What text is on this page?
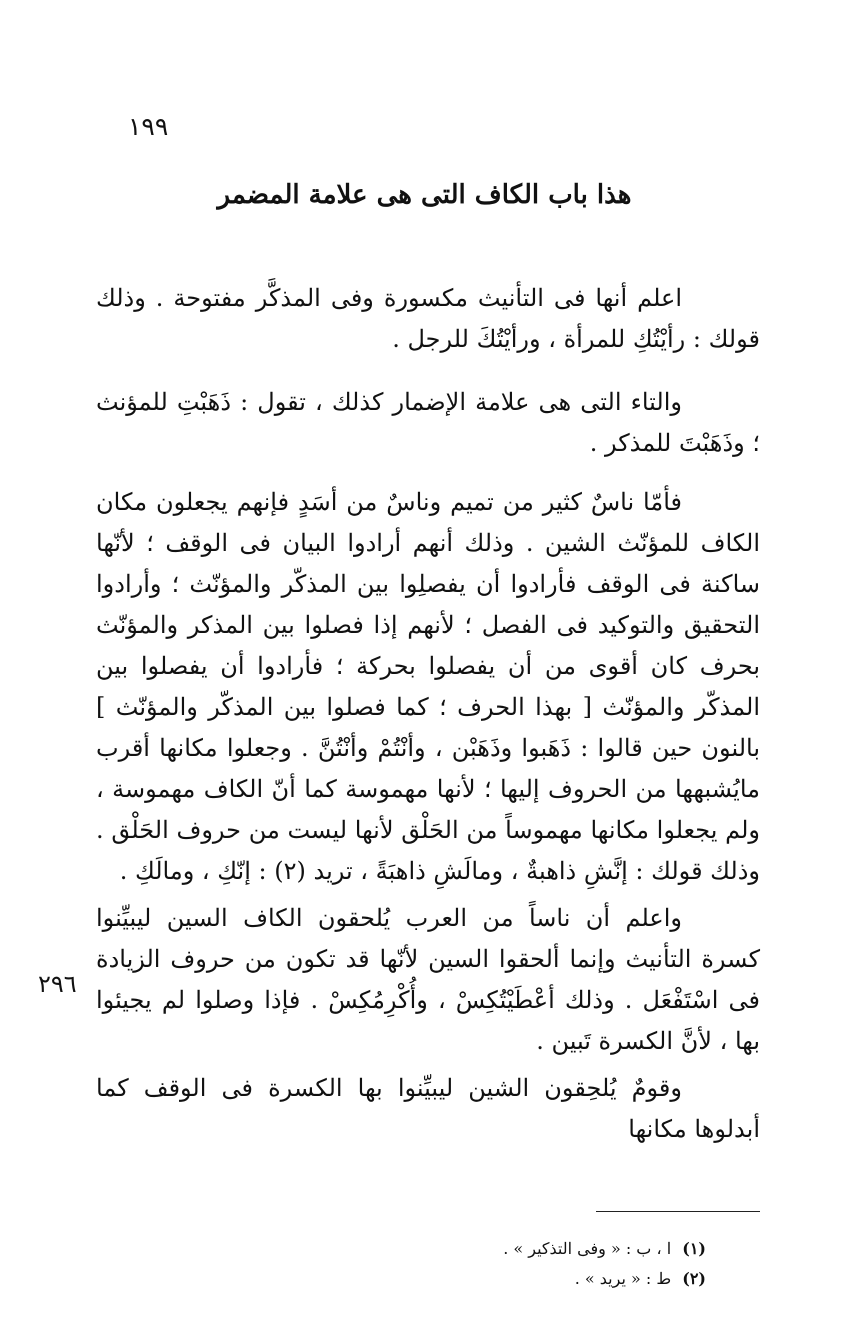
١٩٩
هذا باب الكاف التى هى علامة المضمر

اعلم أنها فى التأنيث مكسورة وفى المذكَّر مفتوحة . وذلك قولك : رأيْتُكِ للمرأة ، ورأيْتُكَ للرجل .

والتاء التى هى علامة الإضمار كذلك ، تقول : ذَهَبْتِ للمؤنث ؛ وذَهَبْتَ للمذكر .

فأمّا ناسٌ كثير من تميم وناسٌ من أسَدٍ فإنهم يجعلون مكان الكاف للمؤنّث الشين . وذلك أنهم أرادوا البيان فى الوقف ؛ لأنّها ساكنة فى الوقف فأرادوا أن يفصلِوا بين المذكّر والمؤنّث ؛ وأرادوا التحقيق والتوكيد فى الفصل ؛ لأنهم إذا فصلوا بين المذكر والمؤنّث بحرف كان أقوى من أن يفصلوا بحركة ؛ فأرادوا أن يفصلوا بين المذكّر والمؤنّث [ بهذا الحرف ؛ كما فصلوا بين المذكّر والمؤنّث ] بالنون حين قالوا : ذَهَبوا وذَهَبْن ، وأنْتُمْ وأنْتُنَّ . وجعلوا مكانها أقرب مايُشبهها من الحروف إليها ؛ لأنها مهموسة كما أنّ الكاف مهموسة ، ولم يجعلوا مكانها مهموساً من الحَلْق لأنها ليست من حروف الحَلْق . وذلك قولك : إنَّشِ ذاهبةٌ ، ومالَشِ ذاهبَةً ، تريد (٢) : إنّكِ ، ومالَكِ .

واعلم أن ناساً من العرب يُلحقون الكاف السين ليبيِّنوا كسرة التأنيث وإنما ألحقوا السين لأنّها قد تكون من حروف الزيادة فى اسْتَفْعَل . وذلك أعْطَيْتُكِسْ ، وأُكْرِمُكِسْ . فإذا وصلوا لم يجيئوا بها ، لأنَّ الكسرة تَبين .

وقومٌ يُلحِقون الشين ليبيِّنوا بها الكسرة فى الوقف كما أبدلوها مكانها

٢٩٦

(١) ا ، ب : « وفى التذكير » .

(٢) ط : « يريد » .
